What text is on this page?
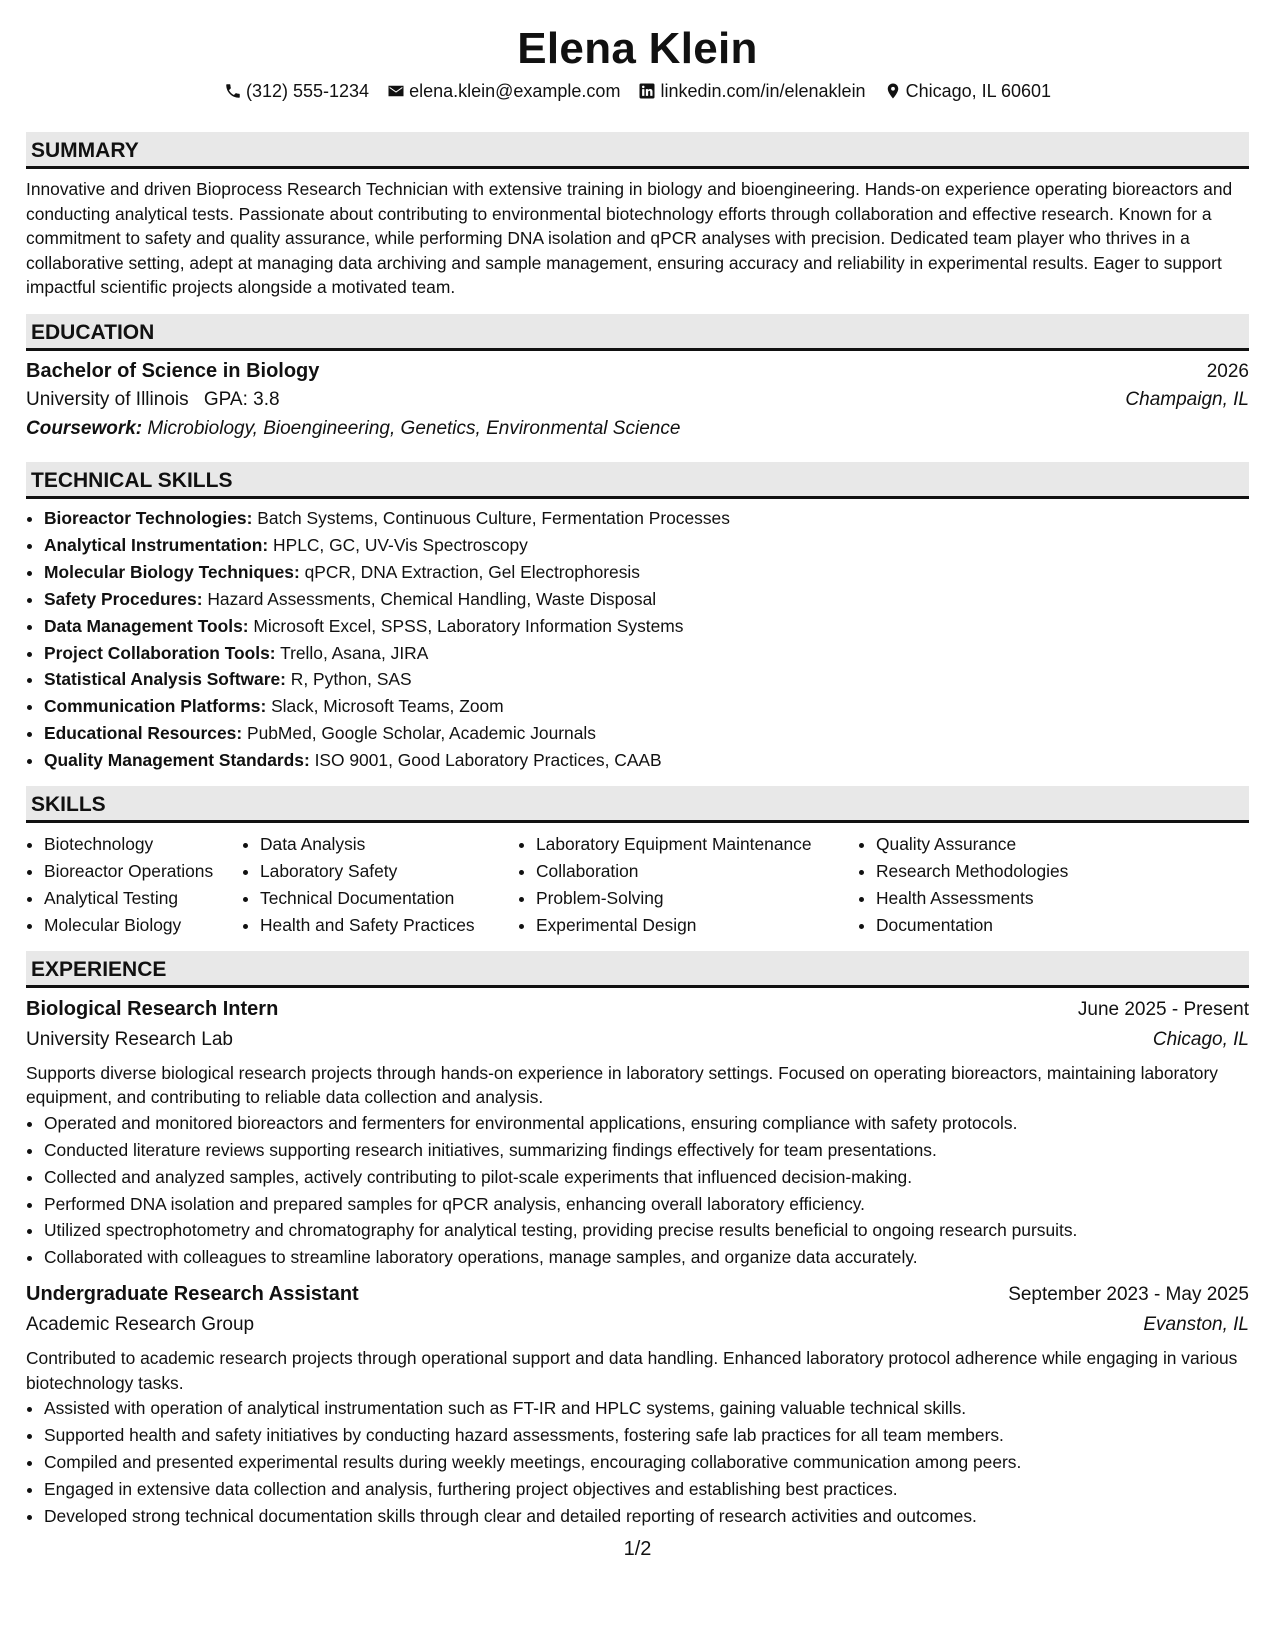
Elena Klein
(312) 555-1234 elena.klein@example.com linkedin.com/in/elenaklein Chicago, IL 60601
SUMMARY
Innovative and driven Bioprocess Research Technician with extensive training in biology and bioengineering. Hands-on experience operating bioreactors and conducting analytical tests. Passionate about contributing to environmental biotechnology efforts through collaboration and effective research. Known for a commitment to safety and quality assurance, while performing DNA isolation and qPCR analyses with precision. Dedicated team player who thrives in a collaborative setting, adept at managing data archiving and sample management, ensuring accuracy and reliability in experimental results. Eager to support impactful scientific projects alongside a motivated team.
EDUCATION
Bachelor of Science in Biology	2026
University of Illinois GPA: 3.8	Champaign, IL
Coursework: Microbiology, Bioengineering, Genetics, Environmental Science
TECHNICAL SKILLS
• Bioreactor Technologies: Batch Systems, Continuous Culture, Fermentation Processes
• Analytical Instrumentation: HPLC, GC, UV-Vis Spectroscopy
• Molecular Biology Techniques: qPCR, DNA Extraction, Gel Electrophoresis
• Safety Procedures: Hazard Assessments, Chemical Handling, Waste Disposal
• Data Management Tools: Microsoft Excel, SPSS, Laboratory Information Systems
• Project Collaboration Tools: Trello, Asana, JIRA
• Statistical Analysis Software: R, Python, SAS
• Communication Platforms: Slack, Microsoft Teams, Zoom
• Educational Resources: PubMed, Google Scholar, Academic Journals
• Quality Management Standards: ISO 9001, Good Laboratory Practices, CAAB
SKILLS
• Biotechnology
• Bioreactor Operations
• Analytical Testing
• Molecular Biology
• Data Analysis
• Laboratory Safety
• Technical Documentation
• Health and Safety Practices
• Laboratory Equipment Maintenance
• Collaboration
• Problem-Solving
• Experimental Design
• Quality Assurance
• Research Methodologies
• Health Assessments
• Documentation
EXPERIENCE
Biological Research Intern	June 2025 - Present
University Research Lab	Chicago, IL
Supports diverse biological research projects through hands-on experience in laboratory settings. Focused on operating bioreactors, maintaining laboratory equipment, and contributing to reliable data collection and analysis.
• Operated and monitored bioreactors and fermenters for environmental applications, ensuring compliance with safety protocols.
• Conducted literature reviews supporting research initiatives, summarizing findings effectively for team presentations.
• Collected and analyzed samples, actively contributing to pilot-scale experiments that influenced decision-making.
• Performed DNA isolation and prepared samples for qPCR analysis, enhancing overall laboratory efficiency.
• Utilized spectrophotometry and chromatography for analytical testing, providing precise results beneficial to ongoing research pursuits.
• Collaborated with colleagues to streamline laboratory operations, manage samples, and organize data accurately.
Undergraduate Research Assistant	September 2023 - May 2025
Academic Research Group	Evanston, IL
Contributed to academic research projects through operational support and data handling. Enhanced laboratory protocol adherence while engaging in various biotechnology tasks.
• Assisted with operation of analytical instrumentation such as FT-IR and HPLC systems, gaining valuable technical skills.
• Supported health and safety initiatives by conducting hazard assessments, fostering safe lab practices for all team members.
• Compiled and presented experimental results during weekly meetings, encouraging collaborative communication among peers.
• Engaged in extensive data collection and analysis, furthering project objectives and establishing best practices.
• Developed strong technical documentation skills through clear and detailed reporting of research activities and outcomes.
1/2
